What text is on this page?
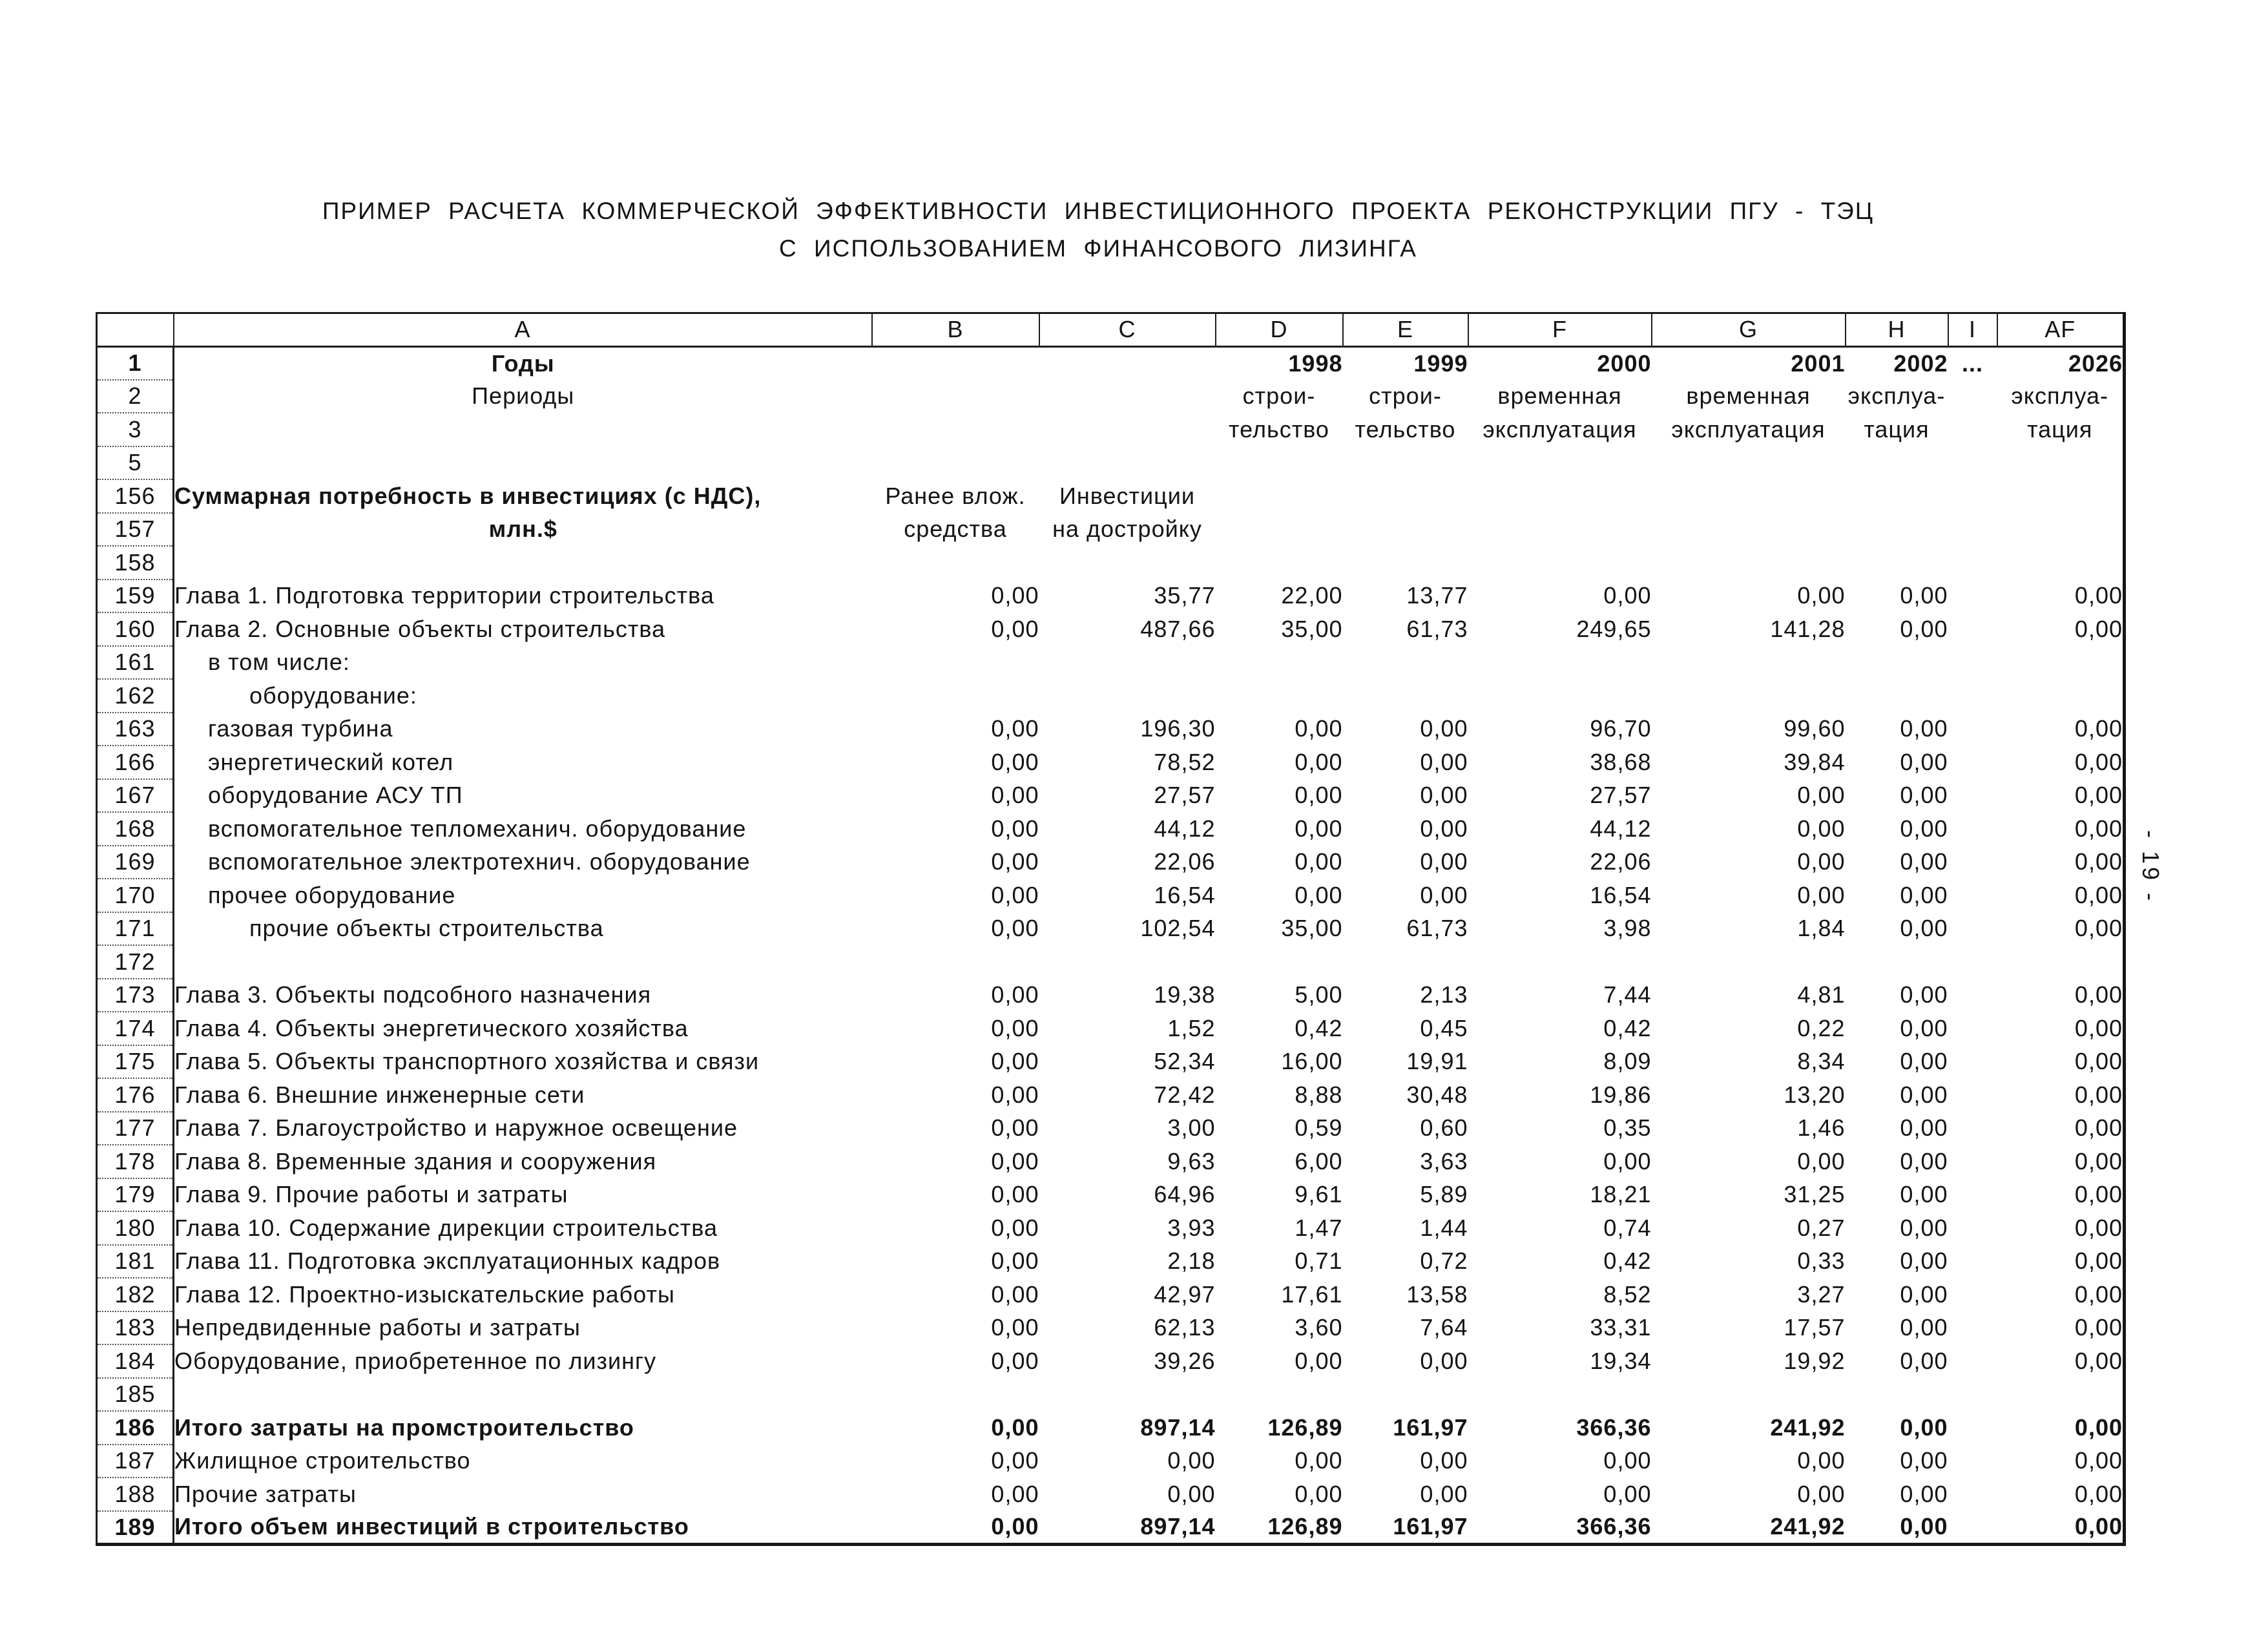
ПРИМЕР РАСЧЕТА КОММЕРЧЕСКОЙ ЭФФЕКТИВНОСТИ ИНВЕСТИЦИОННОГО ПРОЕКТА РЕКОНСТРУКЦИИ ПГУ - ТЭЦ
С ИСПОЛЬЗОВАНИЕМ ФИНАНСОВОГО ЛИЗИНГА
	A	B	C	D	E	F	G	H	I	AF
1	Годы			1998	1999	2000	2001	2002	...	2026
2	Периоды			строи-	строи-	временная	временная	эксплуа-		эксплуа-
3				тельство	тельство	эксплуатация	эксплуатация	тация		тация
5										
156	Суммарная потребность в инвестициях (с НДС),	Ранее влож.	Инвестиции							
157	млн.$	средства	на достройку							
158										
159	Глава 1. Подготовка территории строительства	0,00	35,77	22,00	13,77	0,00	0,00	0,00		0,00
160	Глава 2. Основные объекты строительства	0,00	487,66	35,00	61,73	249,65	141,28	0,00		0,00
161	в том числе:									
162	оборудование:									
163	газовая турбина	0,00	196,30	0,00	0,00	96,70	99,60	0,00		0,00
166	энергетический котел	0,00	78,52	0,00	0,00	38,68	39,84	0,00		0,00
167	оборудование АСУ ТП	0,00	27,57	0,00	0,00	27,57	0,00	0,00		0,00
168	вспомогательное тепломеханич. оборудование	0,00	44,12	0,00	0,00	44,12	0,00	0,00		0,00
169	вспомогательное электротехнич. оборудование	0,00	22,06	0,00	0,00	22,06	0,00	0,00		0,00
170	прочее оборудование	0,00	16,54	0,00	0,00	16,54	0,00	0,00		0,00
171	прочие объекты строительства	0,00	102,54	35,00	61,73	3,98	1,84	0,00		0,00
172										
173	Глава 3. Объекты подсобного назначения	0,00	19,38	5,00	2,13	7,44	4,81	0,00		0,00
174	Глава 4. Объекты энергетического хозяйства	0,00	1,52	0,42	0,45	0,42	0,22	0,00		0,00
175	Глава 5. Объекты транспортного хозяйства и связи	0,00	52,34	16,00	19,91	8,09	8,34	0,00		0,00
176	Глава 6. Внешние инженерные сети	0,00	72,42	8,88	30,48	19,86	13,20	0,00		0,00
177	Глава 7. Благоустройство и наружное освещение	0,00	3,00	0,59	0,60	0,35	1,46	0,00		0,00
178	Глава 8. Временные здания и сооружения	0,00	9,63	6,00	3,63	0,00	0,00	0,00		0,00
179	Глава 9. Прочие работы и затраты	0,00	64,96	9,61	5,89	18,21	31,25	0,00		0,00
180	Глава 10. Содержание дирекции строительства	0,00	3,93	1,47	1,44	0,74	0,27	0,00		0,00
181	Глава 11. Подготовка эксплуатационных кадров	0,00	2,18	0,71	0,72	0,42	0,33	0,00		0,00
182	Глава 12. Проектно-изыскательские работы	0,00	42,97	17,61	13,58	8,52	3,27	0,00		0,00
183	Непредвиденные работы и затраты	0,00	62,13	3,60	7,64	33,31	17,57	0,00		0,00
184	Оборудование, приобретенное по лизингу	0,00	39,26	0,00	0,00	19,34	19,92	0,00		0,00
185										
186	Итого затраты на промстроительство	0,00	897,14	126,89	161,97	366,36	241,92	0,00		0,00
187	Жилищное строительство	0,00	0,00	0,00	0,00	0,00	0,00	0,00		0,00
188	Прочие затраты	0,00	0,00	0,00	0,00	0,00	0,00	0,00		0,00
189	Итого объем инвестиций в строительство	0,00	897,14	126,89	161,97	366,36	241,92	0,00		0,00
- 19 -
